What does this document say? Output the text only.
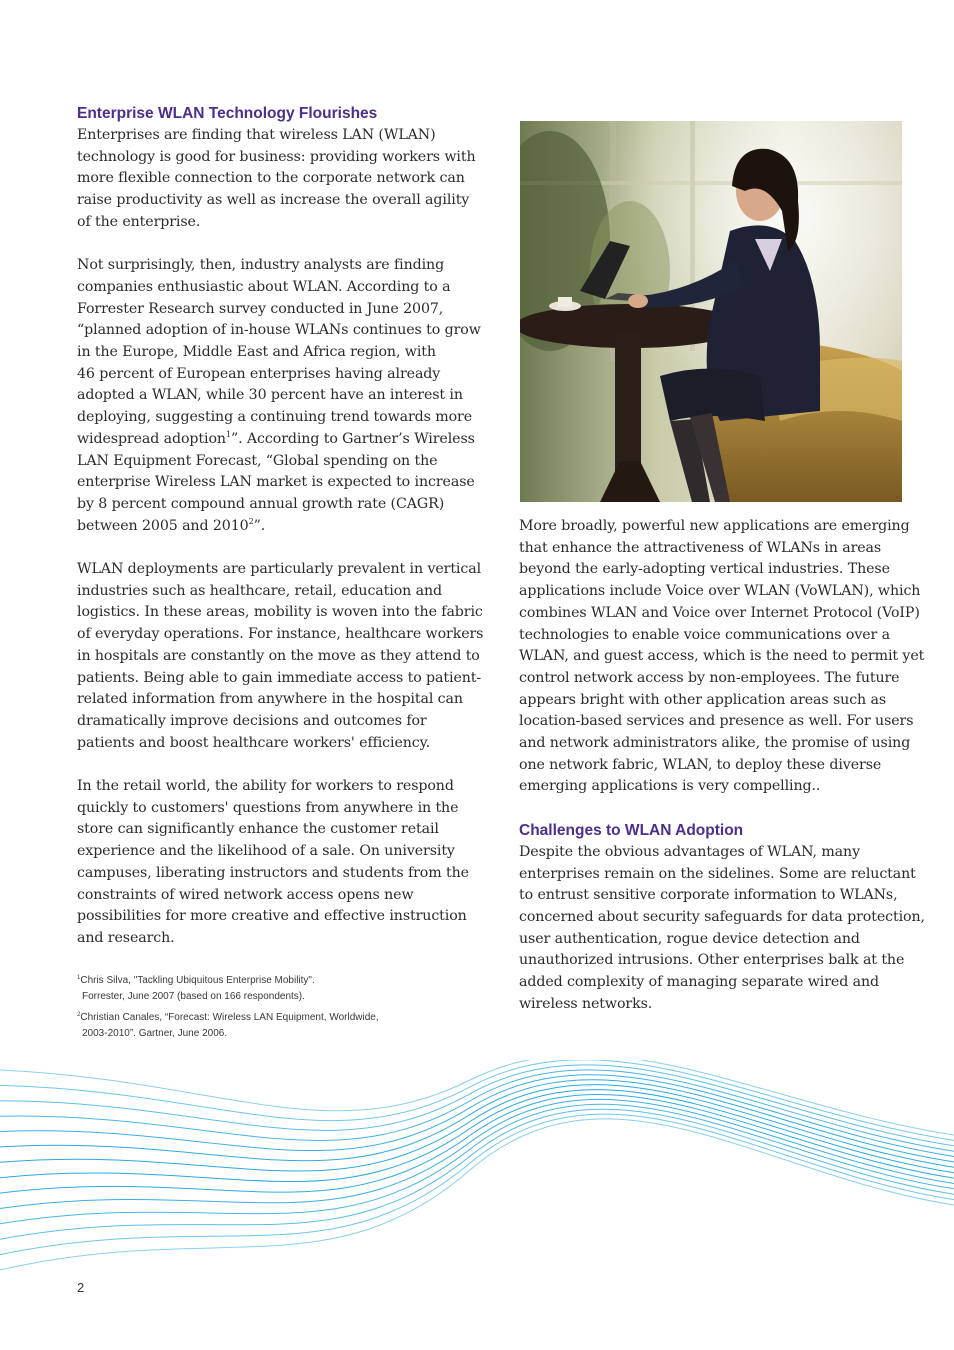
Enterprise WLAN Technology Flourishes

Enterprises are finding that wireless LAN (WLAN)
technology is good for business: providing workers with
more flexible connection to the corporate network can
raise productivity as well as increase the overall agility
of the enterprise.

Not surprisingly, then, industry analysts are finding
companies enthusiastic about WLAN. According to a
Forrester Research survey conducted in June 2007,
“planned adoption of in-house WLANs continues to grow
in the Europe, Middle East and Africa region, with
46 percent of European enterprises having already
adopted a WLAN, while 30 percent have an interest in
deploying, suggesting a continuing trend towards more
widespread adoption$^1$”. According to Gartner’s Wireless
LAN Equipment Forecast, “Global spending on the
enterprise Wireless LAN market is expected to increase
by 8 percent compound annual growth rate (CAGR)
between 2005 and 2010$^2$”.

WLAN deployments are particularly prevalent in vertical
industries such as healthcare, retail, education and
logistics. In these areas, mobility is woven into the fabric
of everyday operations. For instance, healthcare workers
in hospitals are constantly on the move as they attend to
patients. Being able to gain immediate access to patient-
related information from anywhere in the hospital can
dramatically improve decisions and outcomes for
patients and boost healthcare workers' efficiency.

In the retail world, the ability for workers to respond
quickly to customers' questions from anywhere in the
store can significantly enhance the customer retail
experience and the likelihood of a sale. On university
campuses, liberating instructors and students from the
constraints of wired network access opens new
possibilities for more creative and effective instruction
and research.

$^1$Chris Silva, "Tackling Ubiquitous Enterprise Mobility".
Forrester, June 2007 (based on 166 respondents).
$^2$Christian Canales, “Forecast: Wireless LAN Equipment, Worldwide,
2003-2010”. Gartner, June 2006.

More broadly, powerful new applications are emerging
that enhance the attractiveness of WLANs in areas
beyond the early-adopting vertical industries. These
applications include Voice over WLAN (VoWLAN), which
combines WLAN and Voice over Internet Protocol (VoIP)
technologies to enable voice communications over a
WLAN, and guest access, which is the need to permit yet
control network access by non-employees. The future
appears bright with other application areas such as
location-based services and presence as well. For users
and network administrators alike, the promise of using
one network fabric, WLAN, to deploy these diverse
emerging applications is very compelling..

Challenges to WLAN Adoption

Despite the obvious advantages of WLAN, many
enterprises remain on the sidelines. Some are reluctant
to entrust sensitive corporate information to WLANs,
concerned about security safeguards for data protection,
user authentication, rogue device detection and
unauthorized intrusions. Other enterprises balk at the
added complexity of managing separate wired and
wireless networks.

2
